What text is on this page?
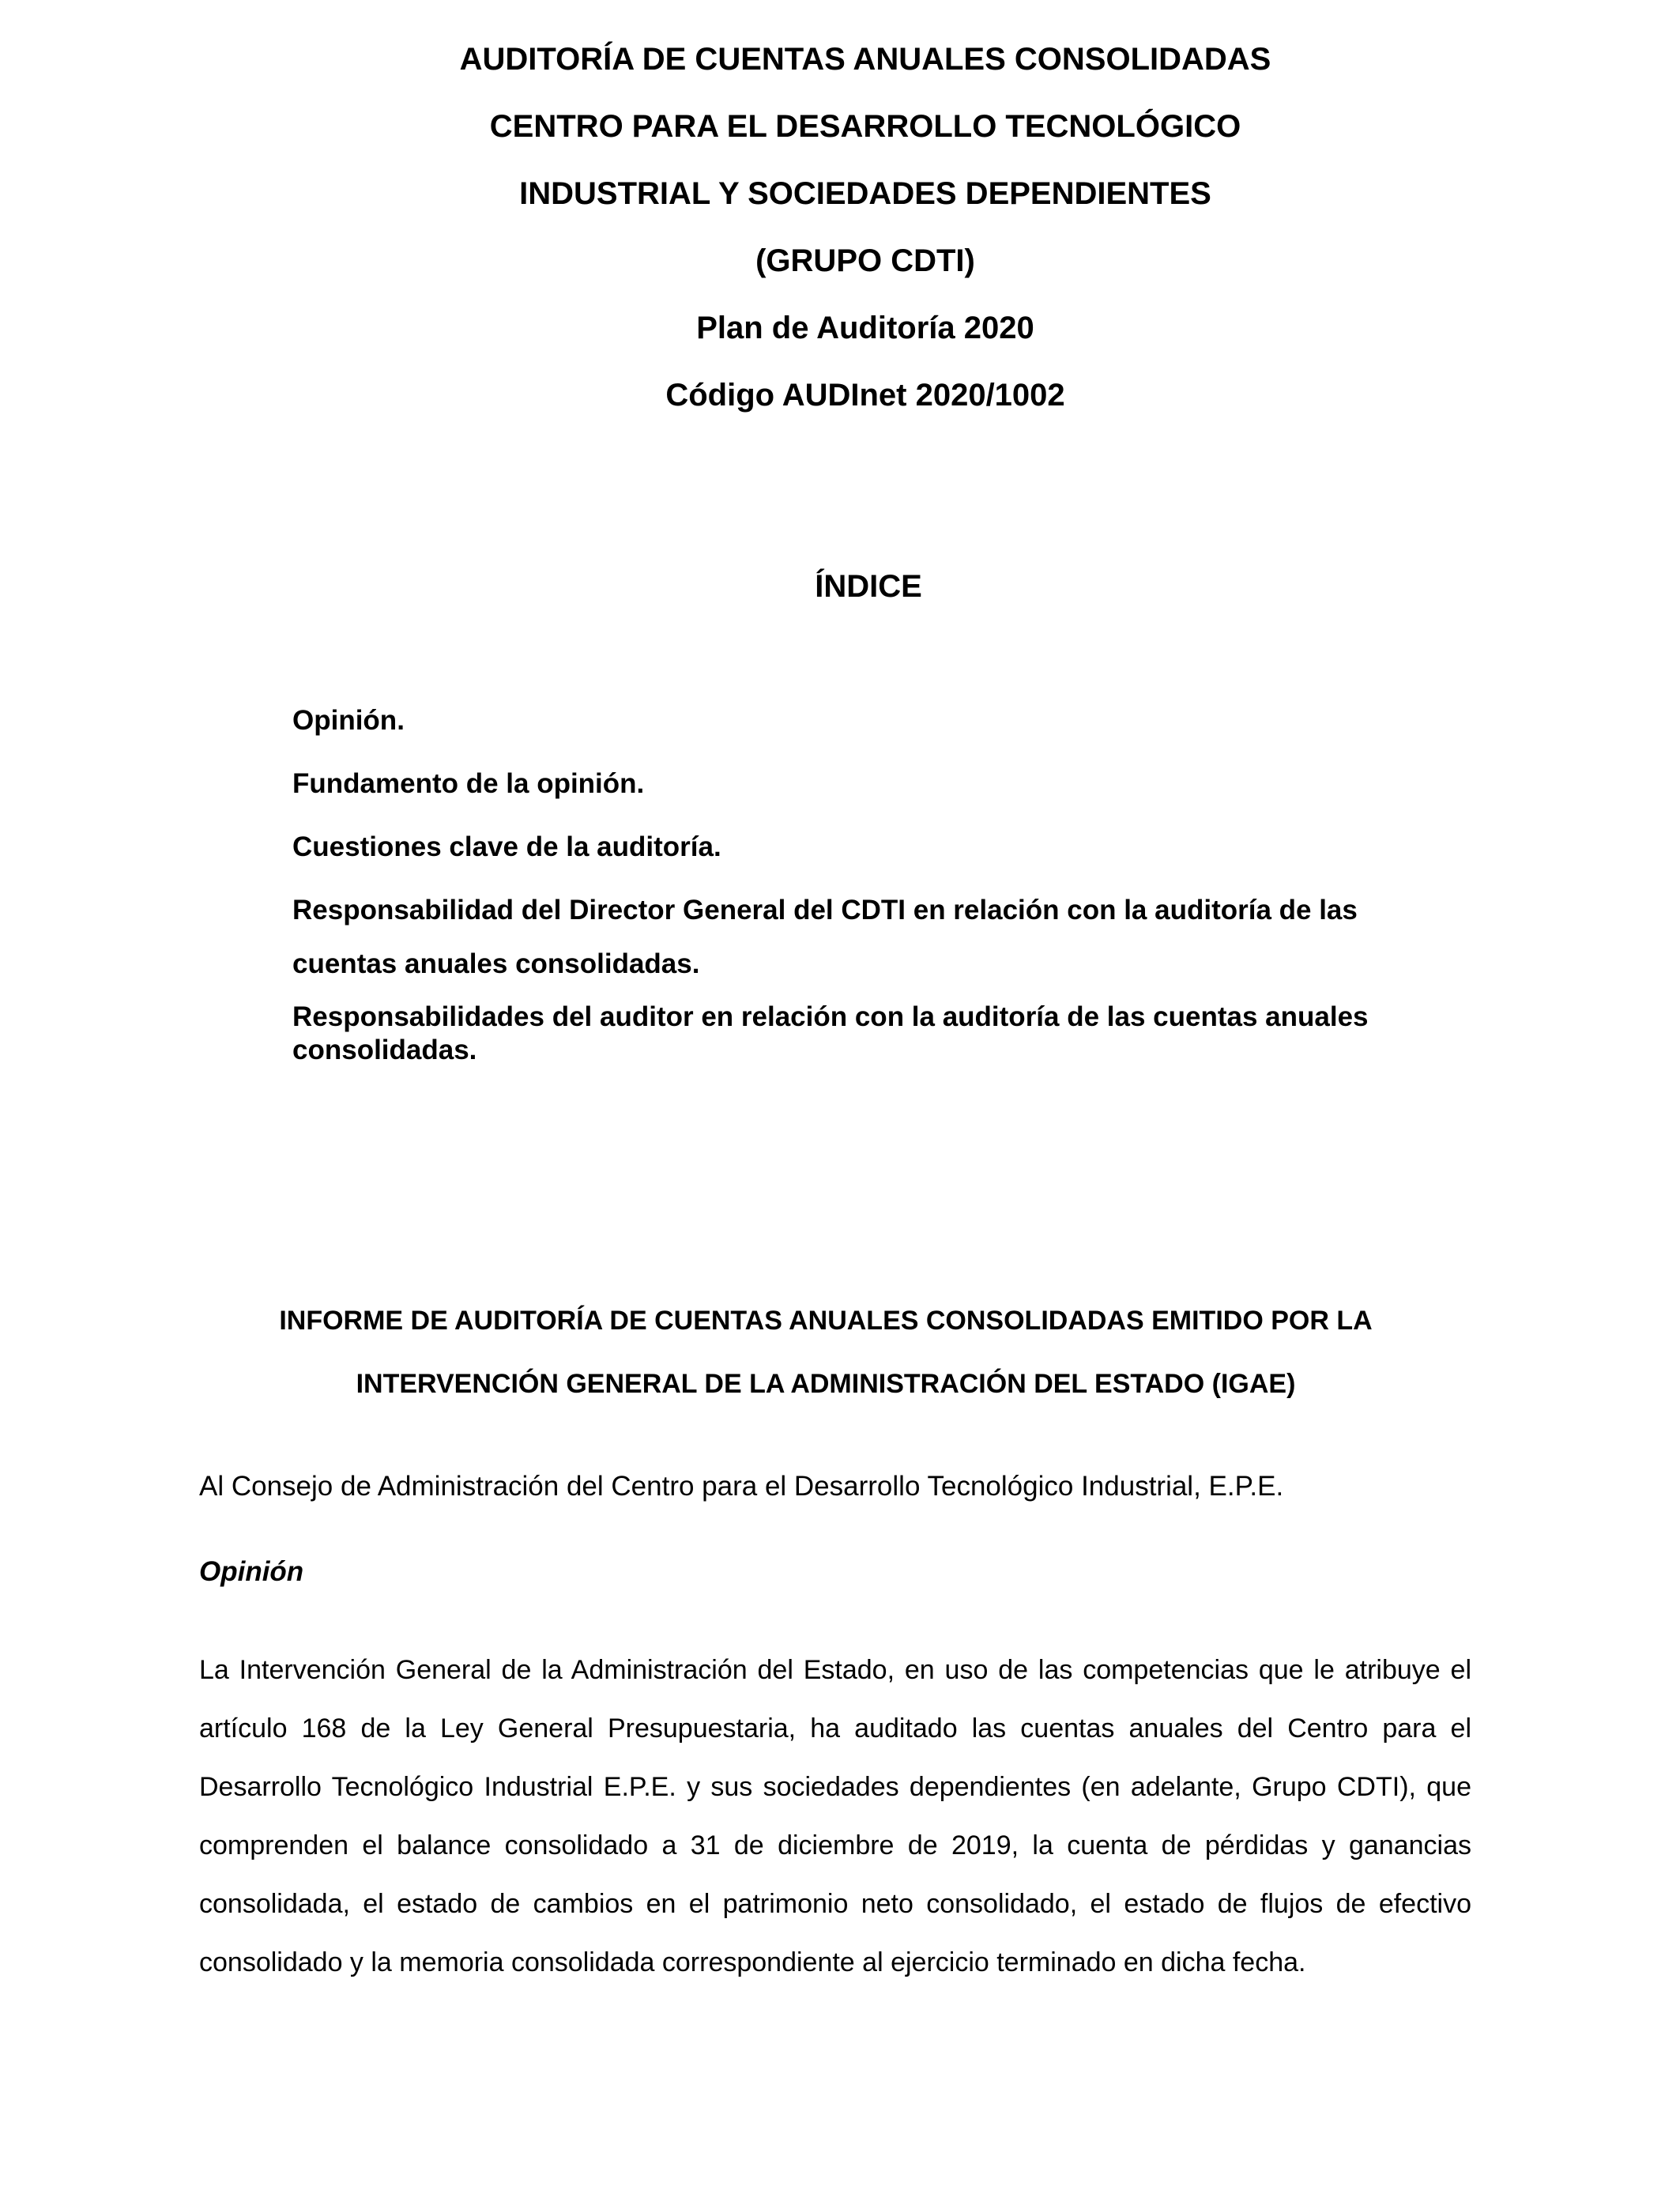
AUDITORÍA DE CUENTAS ANUALES CONSOLIDADAS
CENTRO PARA EL DESARROLLO TECNOLÓGICO
INDUSTRIAL Y SOCIEDADES DEPENDIENTES
(GRUPO CDTI)
Plan de Auditoría 2020
Código AUDInet 2020/1002
ÍNDICE

Opinión.

Fundamento de la opinión.

Cuestiones clave de la auditoría.

Responsabilidad del Director General del CDTI en relación con la auditoría de las cuentas anuales consolidadas.

Responsabilidades del auditor en relación con la auditoría de las cuentas anuales consolidadas.

INFORME DE AUDITORÍA DE CUENTAS ANUALES CONSOLIDADAS EMITIDO POR LA
INTERVENCIÓN GENERAL DE LA ADMINISTRACIÓN DEL ESTADO (IGAE)
Al Consejo de Administración del Centro para el Desarrollo Tecnológico Industrial, E.P.E.
Opinión
La Intervención General de la Administración del Estado, en uso de las competencias que le atribuye el artículo 168 de la Ley General Presupuestaria, ha auditado las cuentas anuales del Centro para el Desarrollo Tecnológico Industrial E.P.E. y sus sociedades dependientes (en adelante, Grupo CDTI), que comprenden el balance consolidado a 31 de diciembre de 2019, la cuenta de pérdidas y ganancias consolidada, el estado de cambios en el patrimonio neto consolidado, el estado de flujos de efectivo consolidado y la memoria consolidada correspondiente al ejercicio terminado en dicha fecha.
